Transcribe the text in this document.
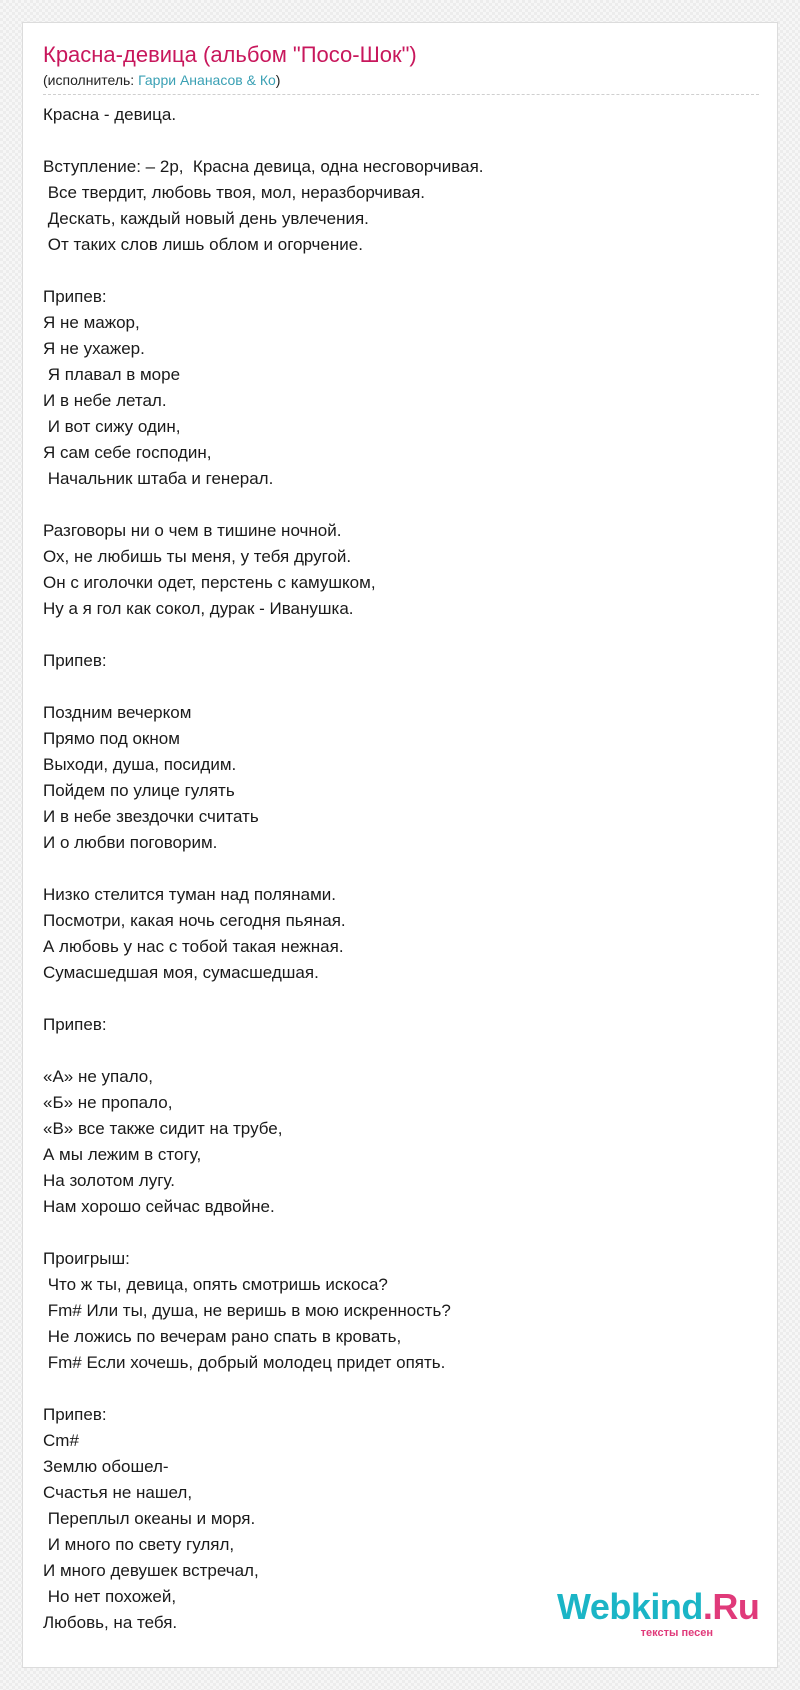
Красна-девица (альбом "Посо-Шок")
(исполнитель: Гарри Ананасов & Ко)
Красна - девица.
Вступление: – 2р,  Красна девица, одна несговорчивая.
Все твердит, любовь твоя, мол, неразборчивая.
Дескать, каждый новый день увлечения.
От таких слов лишь облом и огорчение.
Припев:
Я не мажор,
Я не ухажер.
Я плавал в море
И в небе летал.
И вот сижу один,
Я сам себе господин,
Начальник штаба и генерал.
Разговоры ни о чем в тишине ночной.
Ох, не любишь ты меня, у тебя другой.
Он с иголочки одет, перстень с камушком,
Ну а я гол как сокол, дурак - Иванушка.
Припев:
Поздним вечерком
Прямо под окном
Выходи, душа, посидим.
Пойдем по улице гулять
И в небе звездочки считать
И о любви поговорим.
Низко стелится туман над полянами.
Посмотри, какая ночь сегодня пьяная.
А любовь у нас с тобой такая нежная.
Сумасшедшая моя, сумасшедшая.
Припев:
«А» не упало,
«Б» не пропало,
«В» все также сидит на трубе,
А мы лежим в стогу,
На золотом лугу.
Нам хорошо сейчас вдвойне.
Проигрыш:
Что ж ты, девица, опять смотришь искоса?
Fm# Или ты, душа, не веришь в мою искренность?
Не ложись по вечерам рано спать в кровать,
Fm# Если хочешь, добрый молодец придет опять.
Припев:
Cm#
Землю обошел-
Счастья не нашел,
Переплыл океаны и моря.
И много по свету гулял,
И много девушек встречал,
Но нет похожей,
Любовь, на тебя.	Webkind.Ru
тексты песен
